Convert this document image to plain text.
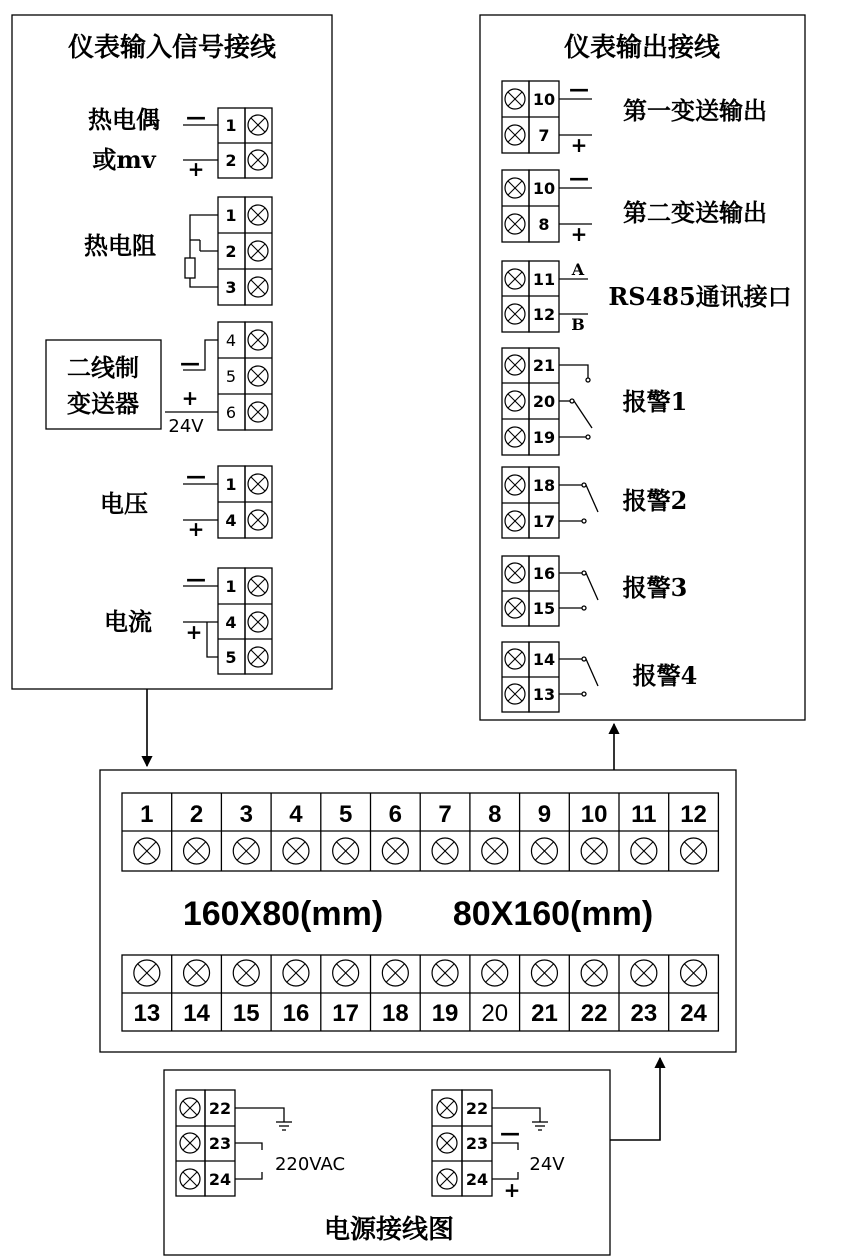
仪表输入信号接线
热电偶
或mv
—
+
1
2
热电阻
1
2
3
二线制
变送器
—
+
24V
4
5
6
电压
—
+
1
4
电流
—
+
1
4
5
仪表输出接线
10
7
—
+
第一变送输出
10
8
—
+
第二变送输出
11
12
A
B
RS485通讯接口
21
20
19
报警1
18
17
报警2
16
15
报警3
14
13
报警4
1 2 3 4 5 6 7 8 9 10 11 12
160X80(mm) 80X160(mm)
13 14 15 16 17 18 19 20 21 22 23 24
电源接线图
22
23
24
220VAC
22
23
24
—
+
24V
